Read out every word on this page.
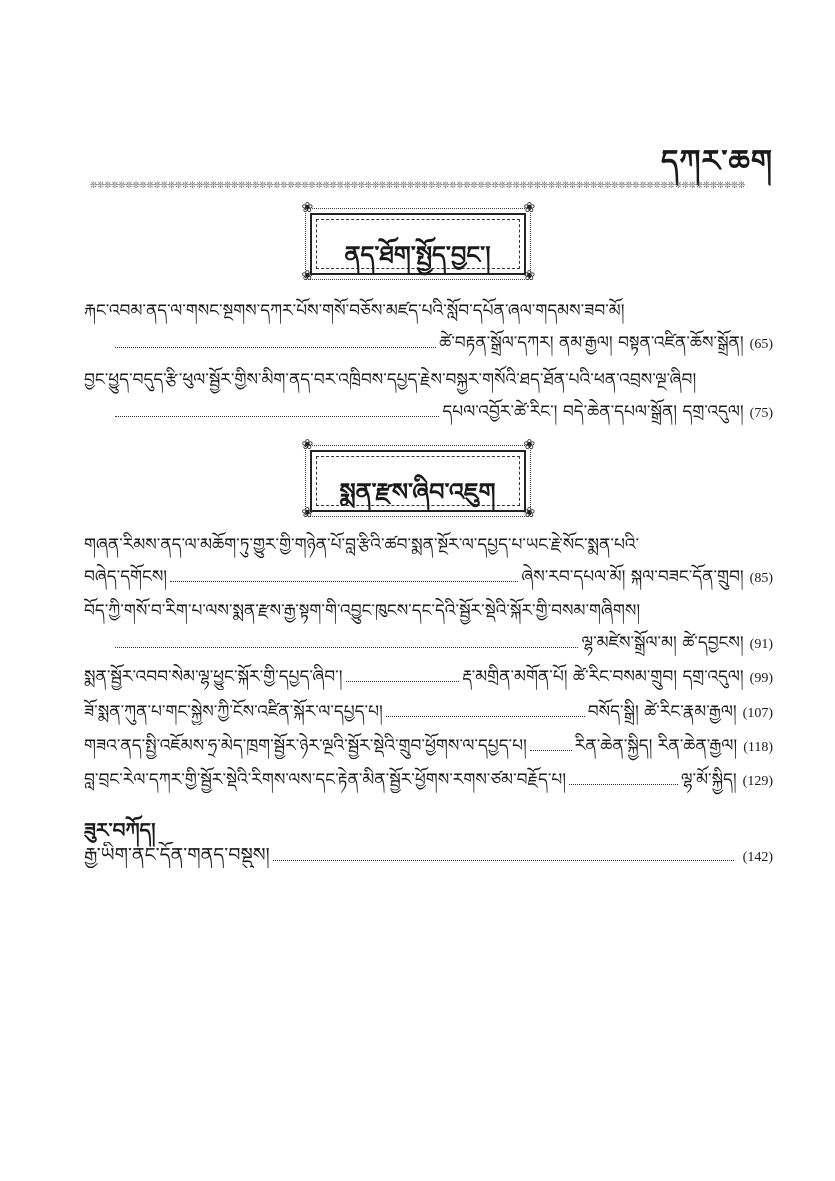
དཀར་ཆག
❊❊❊❊❊❊❊❊❊❊❊❊❊❊❊❊❊❊❊❊❊❊❊❊❊❊❊❊❊❊❊❊❊❊❊❊❊❊❊❊❊❊❊❊❊❊❊❊❊❊❊❊❊❊❊❊❊❊❊❊❊❊❊❊❊❊❊❊❊❊❊❊❊❊❊❊❊❊❊❊❊❊❊❊❊❊❊❊❊❊❊❊❊
❀	❀
❀	❀
ནད་ཐོག་སྤྱོད་བྱང་།
རྐང་འབམ་ནད་ལ་གསང་སྔགས་དཀར་པོས་གསོ་བཅོས་མཛད་པའི་སློབ་དཔོན་ཞལ་གདམས་ཟབ་མོ།
ཚེ་བརྟན་སྒྲོལ་དཀར། ནམ་རྒྱལ། བསྟན་འཛིན་ཆོས་སྒྲོན། (65)
བྱང་ཕྱུད་བདུད་རྩི་ཕུལ་སྦྱོར་གྱིས་མིག་ནད་བར་འཁྲིབས་དཔྱད་རྗེས་བསྐྱར་གསོའི་ཐད་ཐོན་པའི་ཕན་འབྲས་ལྔ་ཞིབ།
དཔལ་འབྱོར་ཚེ་རིང་། བདེ་ཆེན་དཔལ་སྒྲོན། དགྲ་འདུལ། (75)
❀	❀
❀	❀
སྨན་རྫས་ཞིབ་འཇུག
གཞན་རིམས་ནད་ལ་མཆོག་ཏུ་གྱུར་གྱི་གཉེན་པོ་བླ་རྩིའི་ཚབ་སྨན་སྔོར་ལ་དཔྱད་པ་ཡང་རྗེ་སོང་སྨན་པའི་
བཞེད་དགོངས།	ཞེས་རབ་དཔལ་མོ། སྐལ་བཟང་དོན་གྲུབ། (85)
བོད་ཀྱི་གསོ་བ་རིག་པ་ལས་སྨན་རྫས་རྒྱ་སྟག་གི་འབྱུང་ཁུངས་དང་དེའི་སྦྱོར་སྡེའི་སྐོར་གྱི་བསམ་གཞིགས།
ལྷ་མཛེས་སྒྲོལ་མ། ཚེ་དབྱངས། (91)
སྨན་སྦྱོར་འབབ་སེམ་ལྷ་ཕྱུང་སྐོར་གྱི་དཔྱད་ཞིབ་།	རྡ་མགྲིན་མགོན་པོ། ཚེ་རིང་བསམ་གྲུབ། དགྲ་འདུལ། (99)
ཟོ་སྨན་ཀུན་པ་གང་སྐྱེས་ཀྱི་ངོས་འཛིན་སྐོར་ལ་དཔྱད་པ།	བསོད་སྒྲི། ཚེ་རིང་རྣམ་རྒྱལ། (107)
གཟའ་ནད་སྤྱི་འཇོམས་ཧྲ་མེད་ཁྲག་སྦྱོར་ཉེར་ལྔའི་སྦྱོར་སྡེའི་གྲུབ་ཕྱོགས་ལ་དཔྱད་པ།	རིན་ཆེན་སྐྱིད། རིན་ཆེན་རྒྱལ། (118)
བླ་བྲང་རེལ་དཀར་གྱི་སྦྱོར་སྡེའི་རིགས་ལས་དང་རྟེན་མིན་སྦྱོར་ཕྱོགས་རགས་ཙམ་བརྗོད་པ།	ལྷ་མོ་སྐྱིད། (129)
ཟུར་བཀོད།
རྒྱ་ཡིག་ནང་དོན་གནད་བསྡུས།	(142)
